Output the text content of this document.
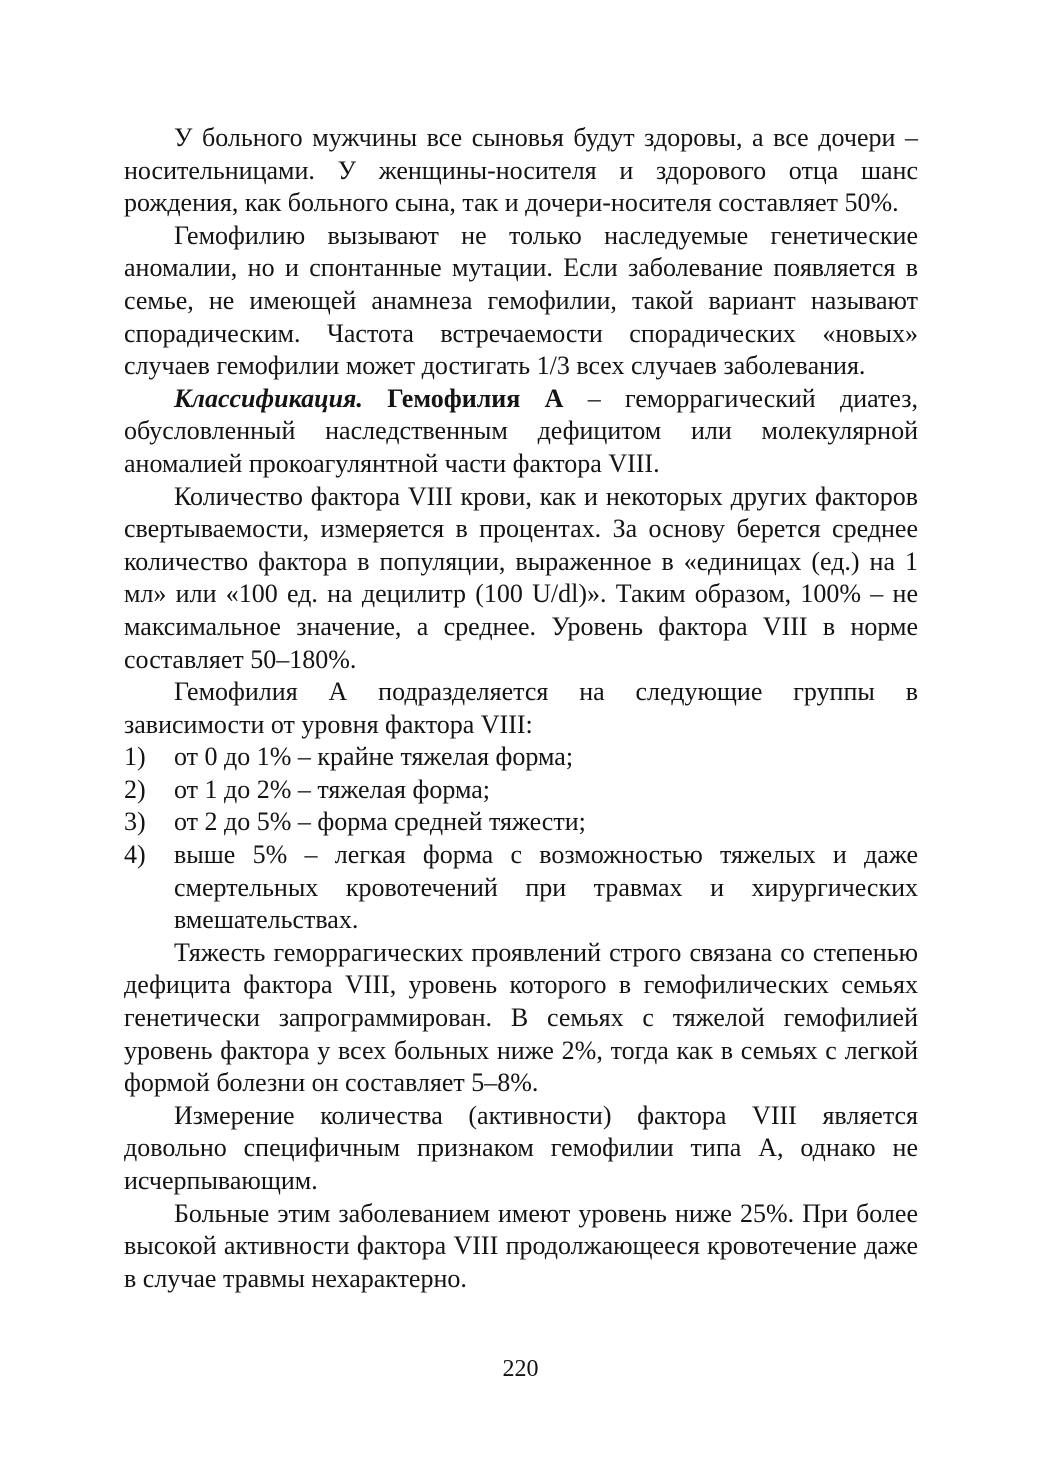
У больного мужчины все сыновья будут здоровы, а все дочери – носительницами. У женщины-носителя и здорового отца шанс рождения, как больного сына, так и дочери-носителя составляет 50%.

Гемофилию вызывают не только наследуемые генетические аномалии, но и спонтанные мутации. Если заболевание появляется в семье, не имеющей анамнеза гемофилии, такой вариант называют спорадическим. Частота встречаемости спорадических «новых» случаев гемофилии может достигать 1/3 всех случаев заболевания.

Классификация. Гемофилия А – геморрагический диатез, обусловленный наследственным дефицитом или молекулярной аномалией прокоагулянтной части фактора VIII.

Количество фактора VIII крови, как и некоторых других факторов свертываемости, измеряется в процентах. За основу берется среднее количество фактора в популяции, выраженное в «единицах (ед.) на 1 мл» или «100 ед. на децилитр (100 U/dl)». Таким образом, 100% – не максимальное значение, а среднее. Уровень фактора VIII в норме составляет 50–180%.

Гемофилия А подразделяется на следующие группы в зависимости от уровня фактора VIII:

1)	от 0 до 1% – крайне тяжелая форма;
2)	от 1 до 2% – тяжелая форма;
3)	от 2 до 5% – форма средней тяжести;
4)	выше 5% – легкая форма с возможностью тяжелых и даже смертельных кровотечений при травмах и хирургических вмешательствах.

Тяжесть геморрагических проявлений строго связана со степенью дефицита фактора VIII, уровень которого в гемофилических семьях генетически запрограммирован. В семьях с тяжелой гемофилией уровень фактора у всех больных ниже 2%, тогда как в семьях с легкой формой болезни он составляет 5–8%.

Измерение количества (активности) фактора VIII является довольно специфичным признаком гемофилии типа А, однако не исчерпывающим.

Больные этим заболеванием имеют уровень ниже 25%. При более высокой активности фактора VIII продолжающееся кровотечение даже в случае травмы нехарактерно.

220
